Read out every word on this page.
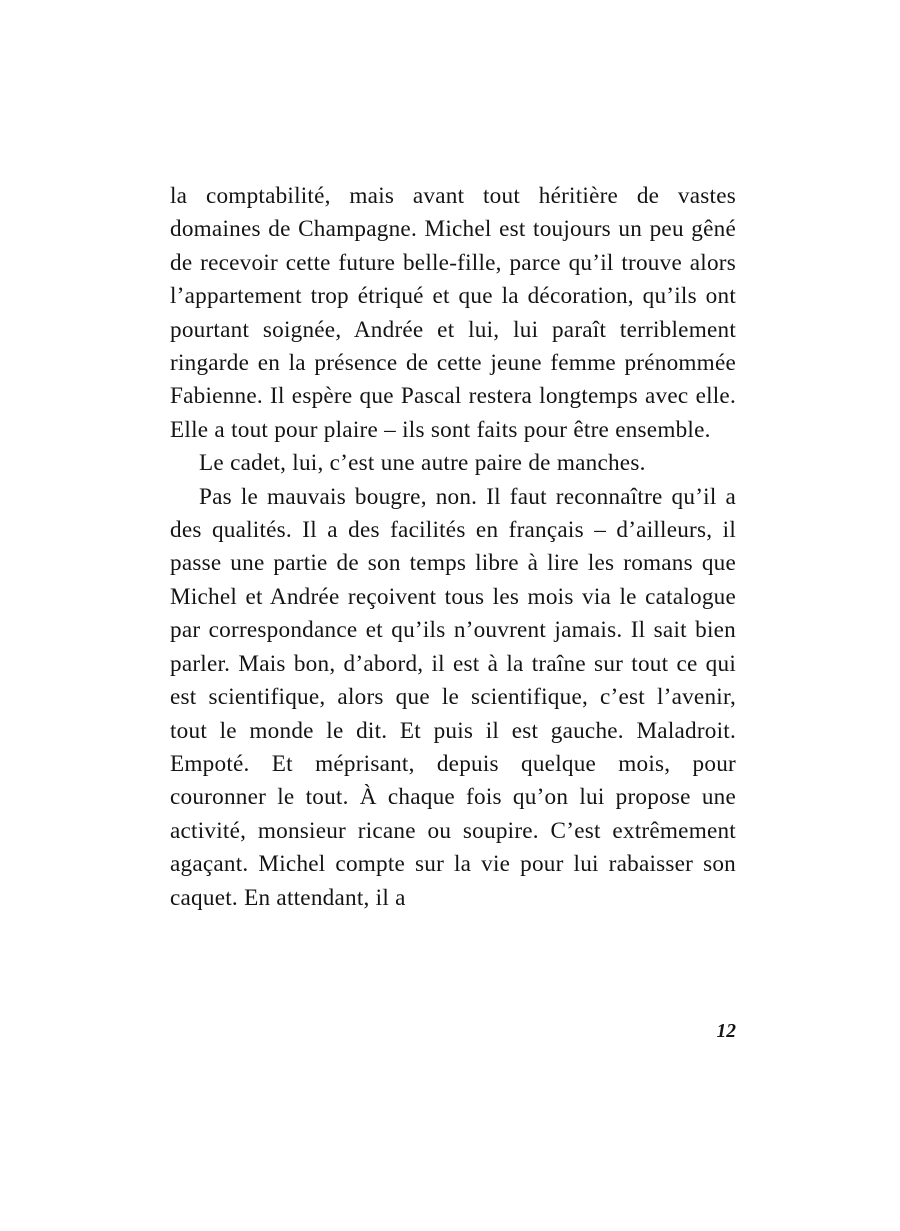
la comptabilité, mais avant tout héritière de vastes domaines de Champagne. Michel est toujours un peu gêné de recevoir cette future belle-fille, parce qu’il trouve alors l’appartement trop étriqué et que la décoration, qu’ils ont pourtant soignée, Andrée et lui, lui paraît terriblement ringarde en la présence de cette jeune femme prénommée Fabienne. Il espère que Pascal restera longtemps avec elle. Elle a tout pour plaire – ils sont faits pour être ensemble.

Le cadet, lui, c’est une autre paire de manches.

Pas le mauvais bougre, non. Il faut reconnaître qu’il a des qualités. Il a des facilités en français – d’ailleurs, il passe une partie de son temps libre à lire les romans que Michel et Andrée reçoivent tous les mois via le catalogue par correspondance et qu’ils n’ouvrent jamais. Il sait bien parler. Mais bon, d’abord, il est à la traîne sur tout ce qui est scientifique, alors que le scientifique, c’est l’avenir, tout le monde le dit. Et puis il est gauche. Maladroit. Empoté. Et méprisant, depuis quelque mois, pour couronner le tout. À chaque fois qu’on lui propose une activité, monsieur ricane ou soupire. C’est extrêmement agaçant. Michel compte sur la vie pour lui rabaisser son caquet. En attendant, il a

12
